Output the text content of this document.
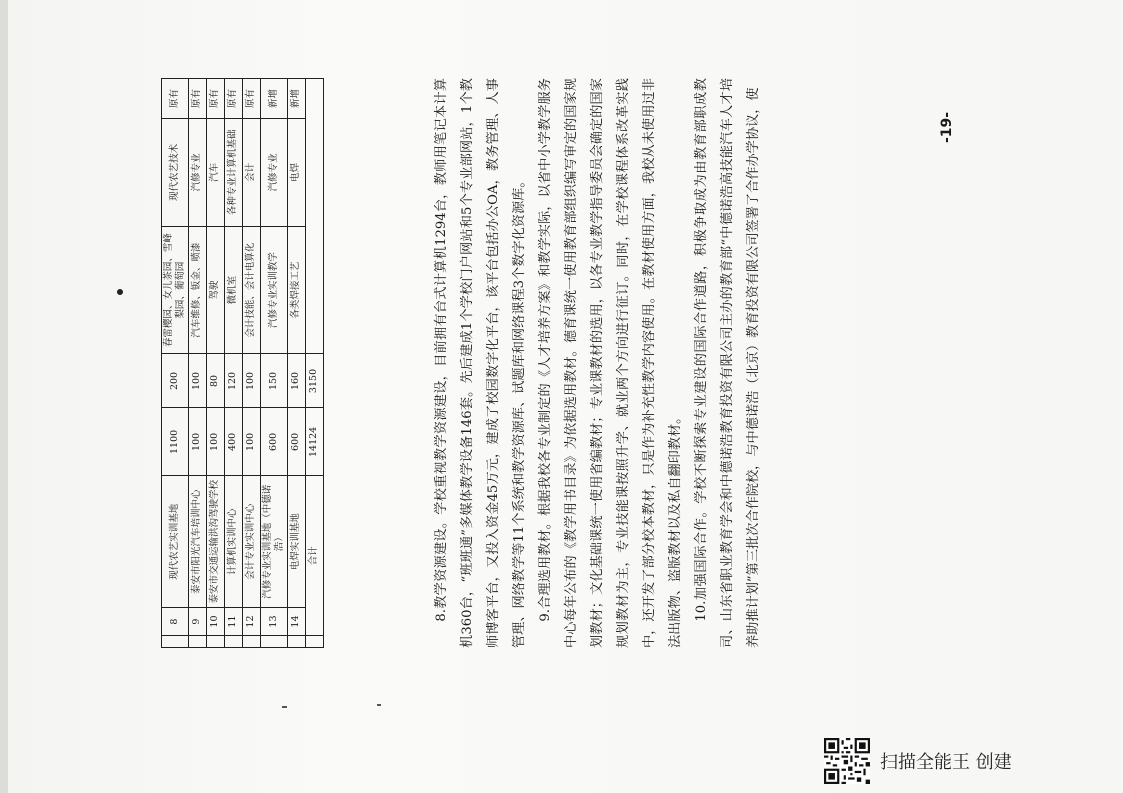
	8	现代农艺实训基地	1100	200	春雷樱园、女儿茶园、雪峰梨园、葡萄园	现代农艺技术	原有
	9	泰安市阳光汽车培训中心	100	100	汽车维修、钣金、喷漆	汽修专业	原有
	10	泰安市交通运输洪沟驾驶学校	100	80	驾驶	汽车	原有
	11	计算机实训中心	400	120	微机室	各种专业计算机基础	原有
	12	会计专业实训中心	100	100	会计技能、会计电算化	会计	原有
	13	汽修专业实训基地（中德诺浩）	600	150	汽修专业实训教学	汽修专业	新增
	14	电焊实训基地	600	160	各类焊接工艺	电焊	新增
	合计		14124	3150				8.教学资源建设。学校重视教学资源建设，目前拥有台式计算机1294台，教师用笔记本计算机360台，“班班通”多媒体教学设备146套。先后建成1个学校门户网站和5个专业部网站，1个教师博客平台，又投入资金45万元，建成了校园数字化平台，该平台包括办公OA，教务管理、人事管理、网络教学等11个系统和教学资源库、试题库和网络课程3个数字化资源库。 9.合理选用教材。根据我校各专业制定的《人才培养方案》和教学实际，以省中小学教学服务中心每年公布的《教学用书目录》为依据选用教材。德育课统一使用教育部组织编写审定的国家规划教材；文化基础课统一使用省编教材；专业课教材的选用，以各专业教学指导委员会确定的国家规划教材为主，专业技能课按照升学、就业两个方向进行征订。同时，在学校课程体系改革实践中，还开发了部分校本教材，只是作为补充性教学内容使用。在教材使用方面，我校从未使用过非法出版物、盗版教材以及私自翻印教材。 10.加强国际合作。学校不断探索专业建设的国际合作道路，积极争取成为由教育部职成教司、山东省职业教育学会和中德诺浩教育投资有限公司主办的教育部“中德诺浩高技能汽车人才培养助推计划”第三批次合作院校，与中德诺浩（北京）教育投资有限公司签署了合作办学协议，使	-19-
扫描全能王 创建
